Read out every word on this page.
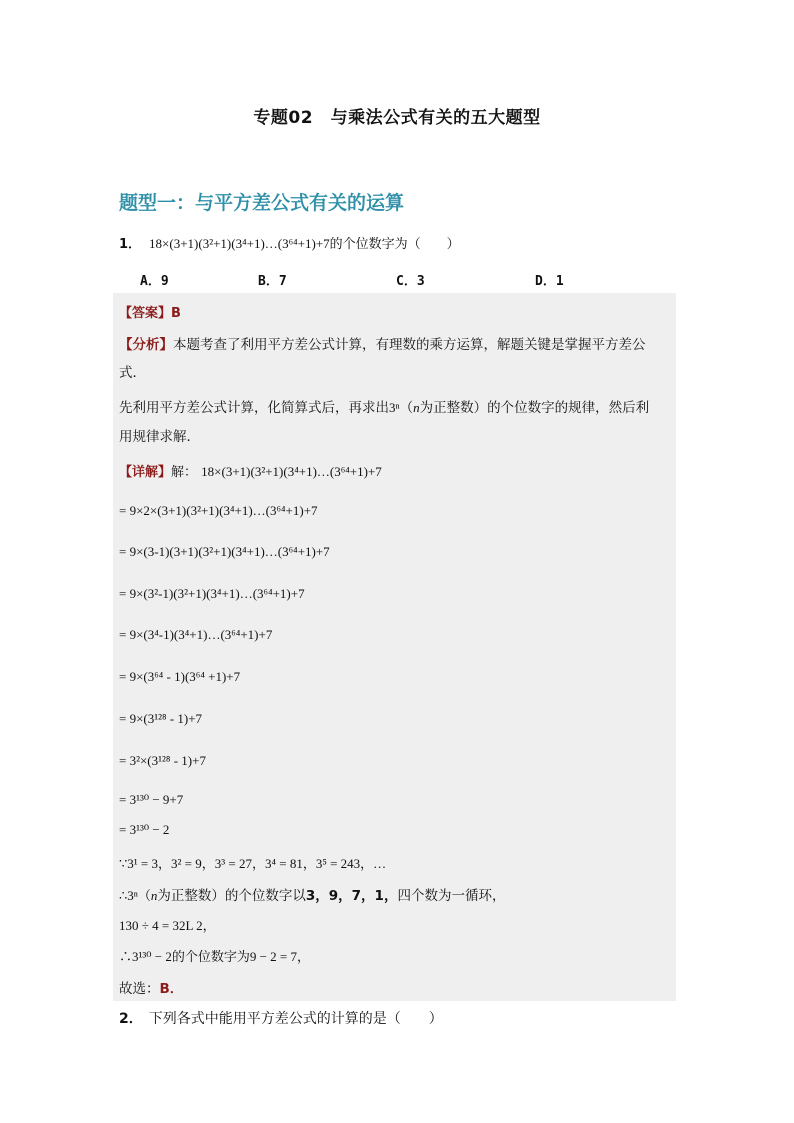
专题02　与乘法公式有关的五大题型
题型一：与平方差公式有关的运算
1． 18×(3+1)(3²+1)(3⁴+1)…(3⁶⁴+1)+7的个位数字为（　　）
A．9	B．7	C．3	D．1
【答案】B
【分析】本题考查了利用平方差公式计算，有理数的乘方运算，解题关键是掌握平方差公
式．
先利用平方差公式计算，化简算式后，再求出3ⁿ（n为正整数）的个位数字的规律，然后利
用规律求解．
【详解】解： 18×(3+1)(3²+1)(3⁴+1)…(3⁶⁴+1)+7
= 9×2×(3+1)(3²+1)(3⁴+1)…(3⁶⁴+1)+7
= 9×(3-1)(3+1)(3²+1)(3⁴+1)…(3⁶⁴+1)+7
= 9×(3²-1)(3²+1)(3⁴+1)…(3⁶⁴+1)+7
= 9×(3⁴-1)(3⁴+1)…(3⁶⁴+1)+7
= 9×(3⁶⁴ - 1)(3⁶⁴ +1)+7
= 9×(3¹²⁸ - 1)+7
= 3²×(3¹²⁸ - 1)+7
= 3¹³⁰ − 9+7
= 3¹³⁰ − 2
∵3¹ = 3，3² = 9，3³ = 27，3⁴ = 81，3⁵ = 243，…
∴3ⁿ（n为正整数）的个位数字以3，9，7，1，四个数为一循环，
130 ÷ 4 = 32L 2，
∴3¹³⁰ − 2的个位数字为9 − 2 = 7，
故选：B．
2． 下列各式中能用平方差公式的计算的是（　　）
